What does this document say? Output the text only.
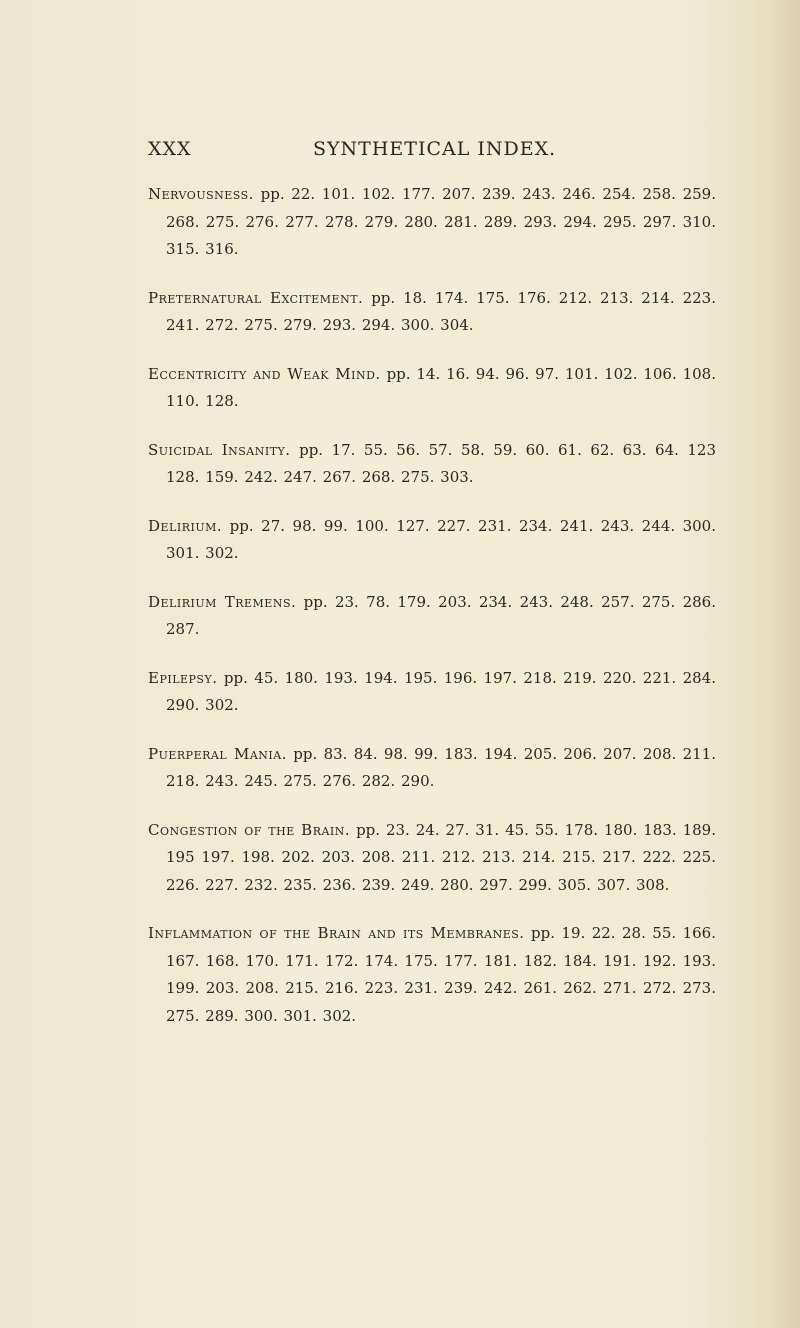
XXX	SYNTHETICAL INDEX.

Nervousness. pp. 22. 101. 102. 177. 207. 239. 243. 246. 254. 258. 259. 268. 275. 276. 277. 278. 279. 280. 281. 289. 293. 294. 295. 297. 310. 315. 316.

Preternatural Excitement. pp. 18. 174. 175. 176. 212. 213. 214. 223. 241. 272. 275. 279. 293. 294. 300. 304.

Eccentricity and Weak Mind. pp. 14. 16. 94. 96. 97. 101. 102. 106. 108. 110. 128.

Suicidal Insanity. pp. 17. 55. 56. 57. 58. 59. 60. 61. 62. 63. 64. 123 128. 159. 242. 247. 267. 268. 275. 303.

Delirium. pp. 27. 98. 99. 100. 127. 227. 231. 234. 241. 243. 244. 300. 301. 302.

Delirium Tremens. pp. 23. 78. 179. 203. 234. 243. 248. 257. 275. 286. 287.

Epilepsy. pp. 45. 180. 193. 194. 195. 196. 197. 218. 219. 220. 221. 284. 290. 302.

Puerperal Mania. pp. 83. 84. 98. 99. 183. 194. 205. 206. 207. 208. 211. 218. 243. 245. 275. 276. 282. 290.

Congestion of the Brain. pp. 23. 24. 27. 31. 45. 55. 178. 180. 183. 189. 195 197. 198. 202. 203. 208. 211. 212. 213. 214. 215. 217. 222. 225. 226. 227. 232. 235. 236. 239. 249. 280. 297. 299. 305. 307. 308.

Inflammation of the Brain and its Membranes. pp. 19. 22. 28. 55. 166. 167. 168. 170. 171. 172. 174. 175. 177. 181. 182. 184. 191. 192. 193. 199. 203. 208. 215. 216. 223. 231. 239. 242. 261. 262. 271. 272. 273. 275. 289. 300. 301. 302.
